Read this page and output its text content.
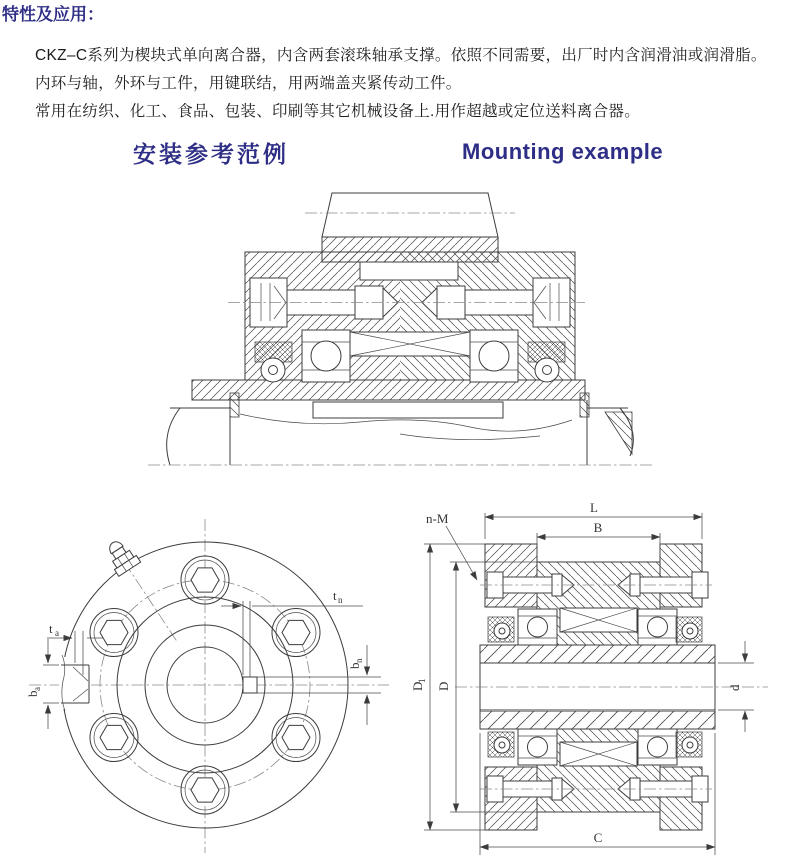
特性及应用：

CKZ–C系列为楔块式单向离合器，内含两套滚珠轴承支撑。依照不同需要，出厂时内含润滑油或润滑脂。

内环与轴，外环与工件，用键联结，用两端盖夹紧传动工件。

常用在纺织、化工、食品、包装、印刷等其它机械设备上.用作超越或定位送料离合器。

安装参考范例	Mounting example
t a
b
a
t n
b
n
n-M
L
B
D
1
D	d
C
